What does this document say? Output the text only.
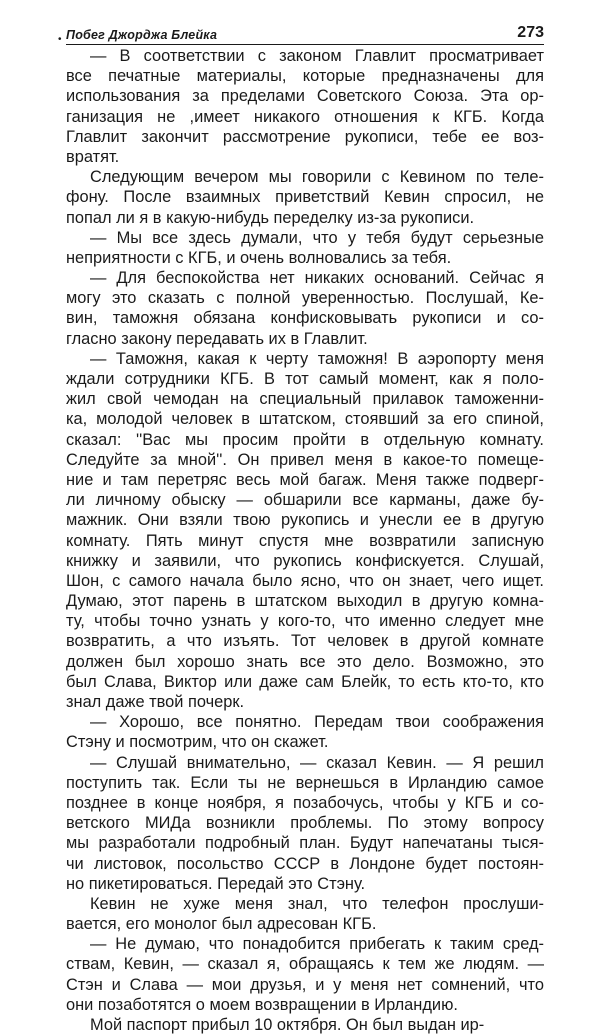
• Побег Джорджа Блейка	273
— В соответствии с законом Главлит просматривает
все печатные материалы, которые предназначены для
использования за пределами Советского Союза. Эта ор-
ганизация не ,имеет никакого отношения к КГБ. Когда
Главлит закончит рассмотрение рукописи, тебе ее воз-
вратят.
Следующим вечером мы говорили с Кевином по теле-
фону. После взаимных приветствий Кевин спросил, не
попал ли я в какую-нибудь переделку из-за рукописи.
— Мы все здесь думали, что у тебя будут серьезные
неприятности с КГБ, и очень волновались за тебя.
— Для беспокойства нет никаких оснований. Сейчас я
могу это сказать с полной уверенностью. Послушай, Ке-
вин, таможня обязана конфисковывать рукописи и со-
гласно закону передавать их в Главлит.
— Таможня, какая к черту таможня! В аэропорту меня
ждали сотрудники КГБ. В тот самый момент, как я поло-
жил свой чемодан на специальный прилавок таможенни-
ка, молодой человек в штатском, стоявший за его спиной,
сказал: ''Вас мы просим пройти в отдельную комнату.
Следуйте за мной''. Он привел меня в какое-то помеще-
ние и там перетряс весь мой багаж. Меня также подверг-
ли личному обыску — обшарили все карманы, даже бу-
мажник. Они взяли твою рукопись и унесли ее в другую
комнату. Пять минут спустя мне возвратили записную
книжку и заявили, что рукопись конфискуется. Слушай,
Шон, с самого начала было ясно, что он знает, чего ищет.
Думаю, этот парень в штатском выходил в другую комна-
ту, чтобы точно узнать у кого-то, что именно следует мне
возвратить, а что изъять. Тот человек в другой комнате
должен был хорошо знать все это дело. Возможно, это
был Слава, Виктор или даже сам Блейк, то есть кто-то, кто
знал даже твой почерк.
— Хорошо, все понятно. Передам твои соображения
Стэну и посмотрим, что он скажет.
— Слушай внимательно, — сказал Кевин. — Я решил
поступить так. Если ты не вернешься в Ирландию самое
позднее в конце ноября, я позабочусь, чтобы у КГБ и со-
ветского МИДа возникли проблемы. По этому вопросу
мы разработали подробный план. Будут напечатаны тыся-
чи листовок, посольство СССР в Лондоне будет постоян-
но пикетироваться. Передай это Стэну.
Кевин не хуже меня знал, что телефон прослуши-
вается, его монолог был адресован КГБ.
— Не думаю, что понадобится прибегать к таким сред-
ствам, Кевин, — сказал я, обращаясь к тем же людям. —
Стэн и Слава — мои друзья, и у меня нет сомнений, что
они позаботятся о моем возвращении в Ирландию.
Мой паспорт прибыл 10 октября. Он был выдан ир-
